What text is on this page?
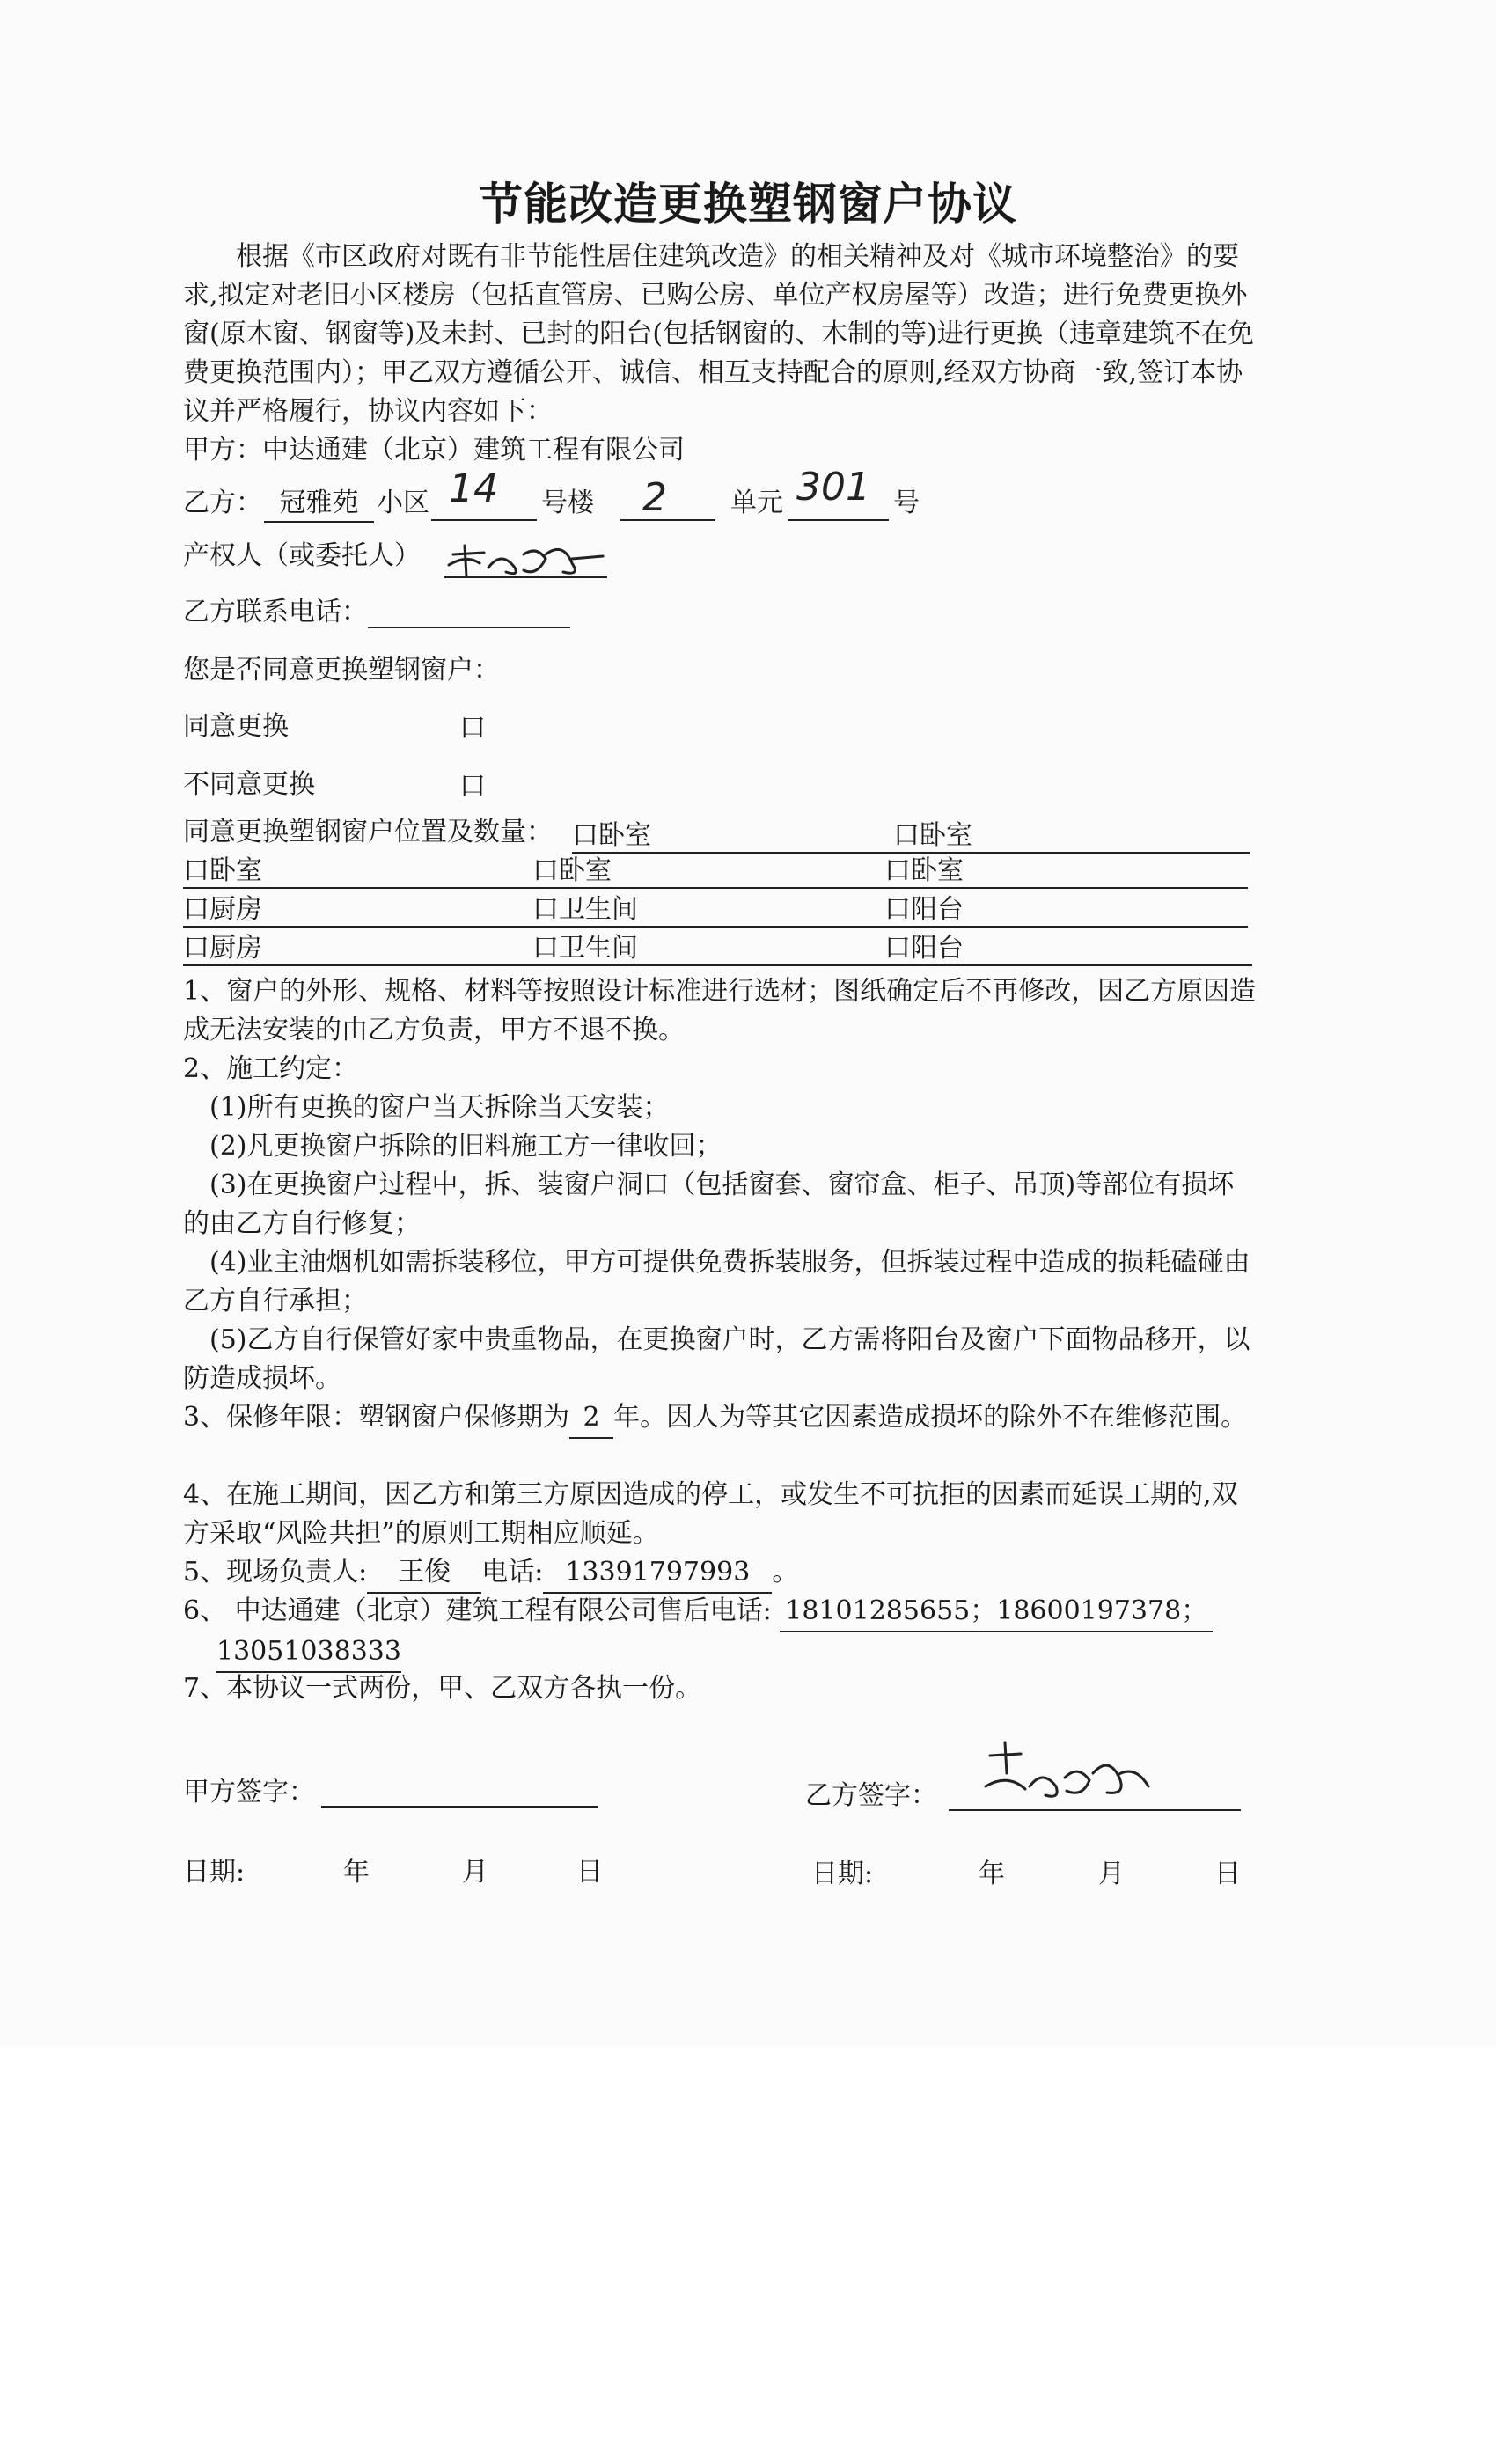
节能改造更换塑钢窗户协议
根据《市区政府对既有非节能性居住建筑改造》的相关精神及对《城市环境整治》的要求,拟定对老旧小区楼房（包括直管房、已购公房、单位产权房屋等）改造；进行免费更换外窗(原木窗、钢窗等)及未封、已封的阳台(包括钢窗的、木制的等)进行更换（违章建筑不在免费更换范围内）；甲乙双方遵循公开、诚信、相互支持配合的原则,经双方协商一致,签订本协议并严格履行，协议内容如下：
甲方：中达通建（北京）建筑工程有限公司
乙方： 冠雅苑 小区 14 号楼 2 单元 301 号
产权人（或委托人）
乙方联系电话：
您是否同意更换塑钢窗户：
同意更换	口
不同意更换	口
同意更换塑钢窗户位置及数量： 口卧室	口卧室
口卧室	口卧室	口卧室
口厨房	口卫生间	口阳台
口厨房	口卫生间	口阳台
1、窗户的外形、规格、材料等按照设计标准进行选材；图纸确定后不再修改，因乙方原因造成无法安装的由乙方负责，甲方不退不换。
2、施工约定：
(1)所有更换的窗户当天拆除当天安装；
(2)凡更换窗户拆除的旧料施工方一律收回；
(3)在更换窗户过程中，拆、装窗户洞口（包括窗套、窗帘盒、柜子、吊顶)等部位有损坏的由乙方自行修复；
(4)业主油烟机如需拆装移位，甲方可提供免费拆装服务，但拆装过程中造成的损耗磕碰由乙方自行承担；
(5)乙方自行保管好家中贵重物品，在更换窗户时，乙方需将阳台及窗户下面物品移开，以防造成损坏。
3、保修年限：塑钢窗户保修期为 2 年。因人为等其它因素造成损坏的除外不在维修范围。
4、在施工期间，因乙方和第三方原因造成的停工，或发生不可抗拒的因素而延误工期的,双方采取“风险共担”的原则工期相应顺延。
5、现场负责人: 王俊 电话: 13391797993 。
6、 中达通建（北京）建筑工程有限公司售后电话: 18101285655；18600197378；
13051038333
7、本协议一式两份，甲、乙双方各执一份。
甲方签字：	乙方签字：
日期:	年	月	日	日期:	年	月	日
